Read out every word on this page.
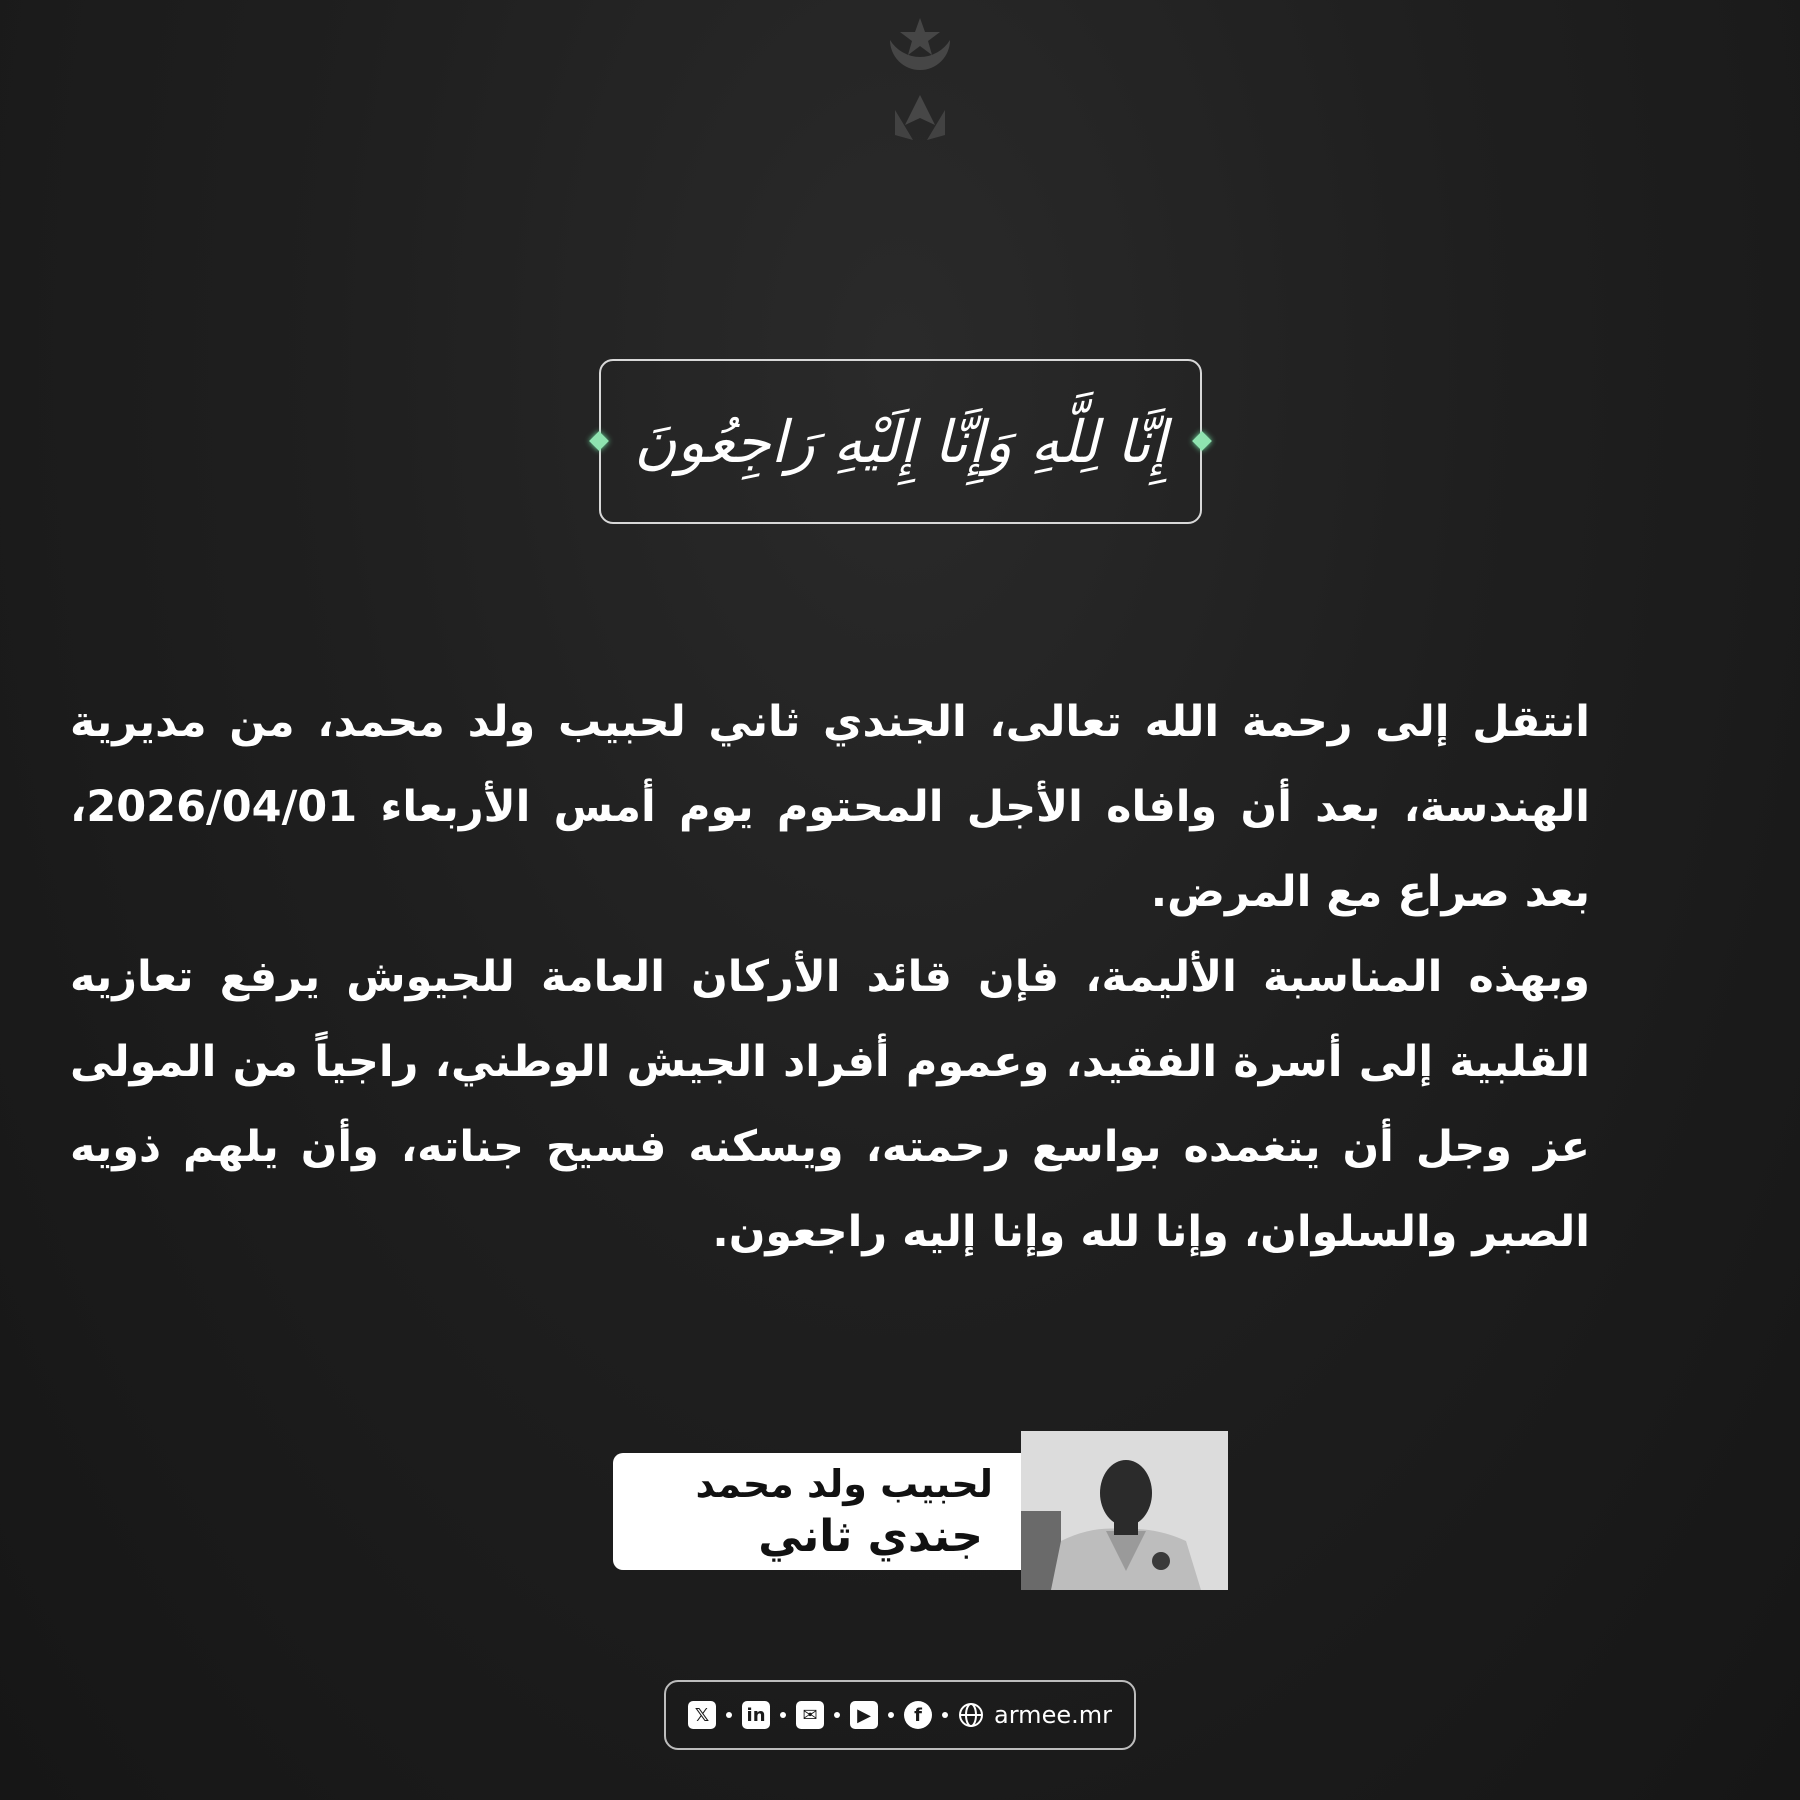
إِنَّا لِلَّهِ وَإِنَّا إِلَيْهِ رَاجِعُونَ

انتقل إلى رحمة الله تعالى، الجندي ثاني لحبيب ولد محمد، من مديرية الهندسة، بعد أن وافاه الأجل المحتوم يوم أمس الأربعاء 2026/04/01، بعد صراع مع المرض.

وبهذه المناسبة الأليمة، فإن قائد الأركان العامة للجيوش يرفع تعازيه القلبية إلى أسرة الفقيد، وعموم أفراد الجيش الوطني، راجياً من المولى عز وجل أن يتغمده بواسع رحمته، ويسكنه فسيح جناته، وأن يلهم ذويه الصبر والسلوان، وإنا لله وإنا إليه راجعون.

لحبيب ولد محمد
جندي ثاني
𝕏	in	✉	▶	f	armee.mr
